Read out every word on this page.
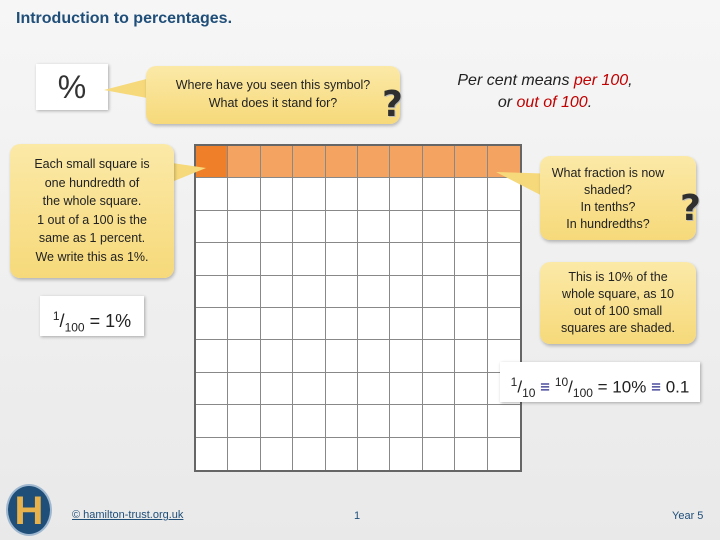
Introduction to percentages.
%	Where have you seen this symbol?
What does it stand for?	?
Per cent means per 100,
or out of 100.
Each small square is
one hundredth of
the whole square.
1 out of a 100 is the
same as 1 percent.
We write this as 1%.
$^1/_{100} = 1\%$
What fraction is now
shaded?
In tenths?
In hundredths? ?
This is 10% of the
whole square, as 10
out of 100 small
squares are shaded.
$^1/_{10} \equiv ^{10}/_{100} = 10\% \equiv 0.1$
H	© hamilton-trust.org.uk	1	Year 5
